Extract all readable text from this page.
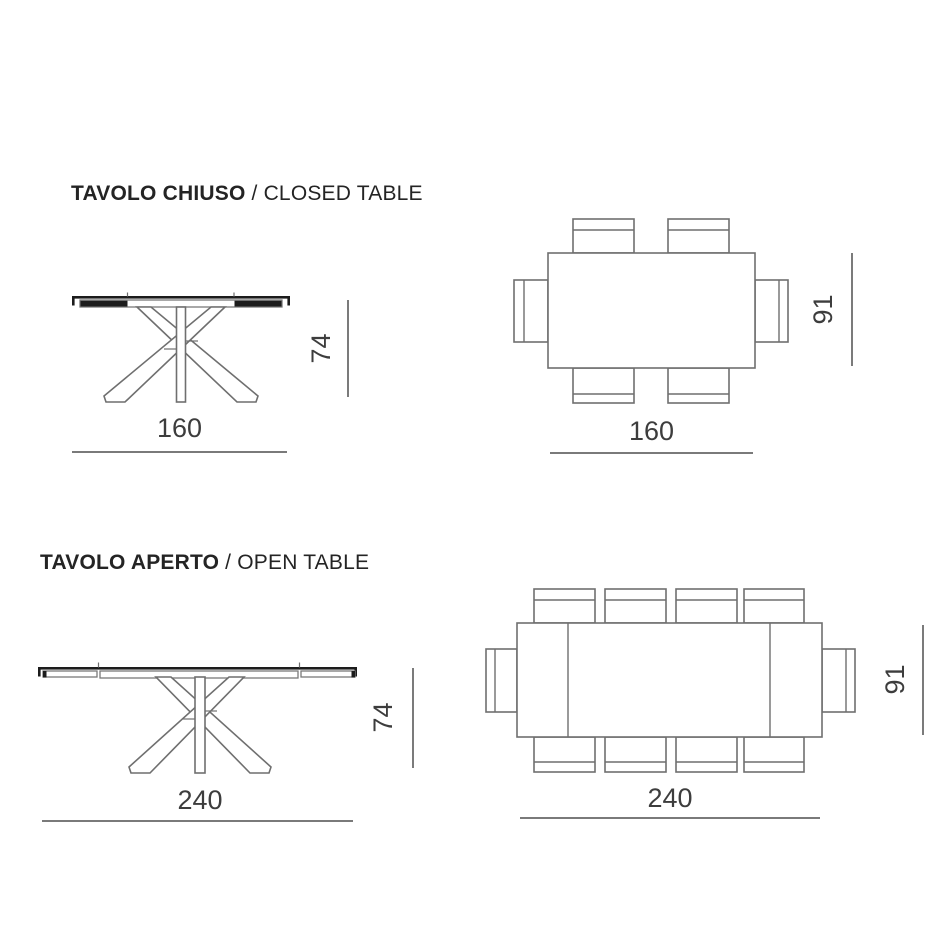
TAVOLO CHIUSO / CLOSED TABLE
TAVOLO APERTO / OPEN TABLE
160
74
91
160
240
74
91
240
